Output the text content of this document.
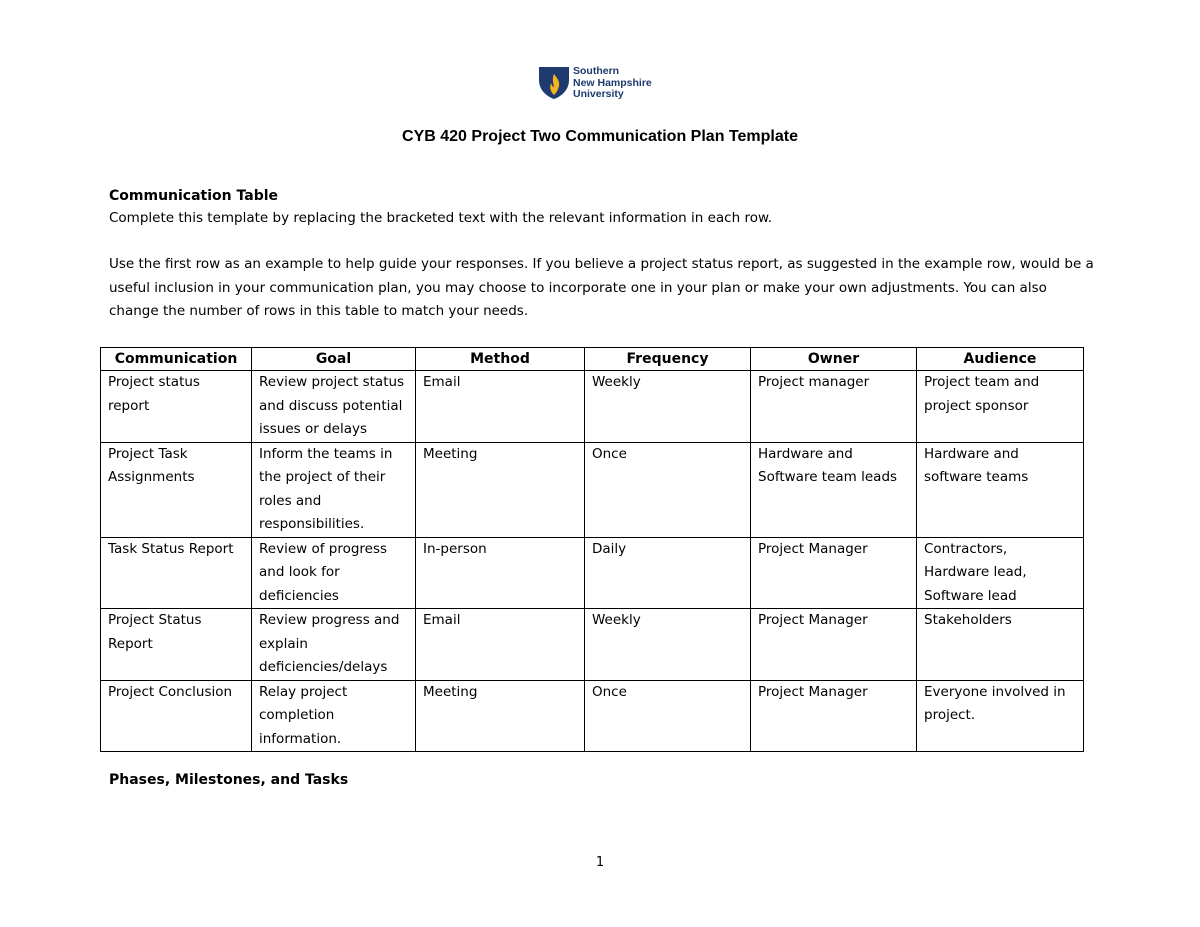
Southern
New Hampshire
University
CYB 420 Project Two Communication Plan Template
Communication Table
Complete this template by replacing the bracketed text with the relevant information in each row.
Use the first row as an example to help guide your responses. If you believe a project status report, as suggested in the example row, would be a useful inclusion in your communication plan, you may choose to incorporate one in your plan or make your own adjustments. You can also change the number of rows in this table to match your needs.
Communication	Goal	Method	Frequency	Owner	Audience
Project status report	Review project status and discuss potential issues or delays	Email	Weekly	Project manager	Project team and project sponsor
Project Task Assignments	Inform the teams in the project of their roles and responsibilities.	Meeting	Once	Hardware and Software team leads	Hardware and software teams
Task Status Report	Review of progress and look for deficiencies	In-person	Daily	Project Manager	Contractors, Hardware lead, Software lead
Project Status Report	Review progress and explain deficiencies/delays	Email	Weekly	Project Manager	Stakeholders
Project Conclusion	Relay project completion information.	Meeting	Once	Project Manager	Everyone involved in project.
Phases, Milestones, and Tasks
1
